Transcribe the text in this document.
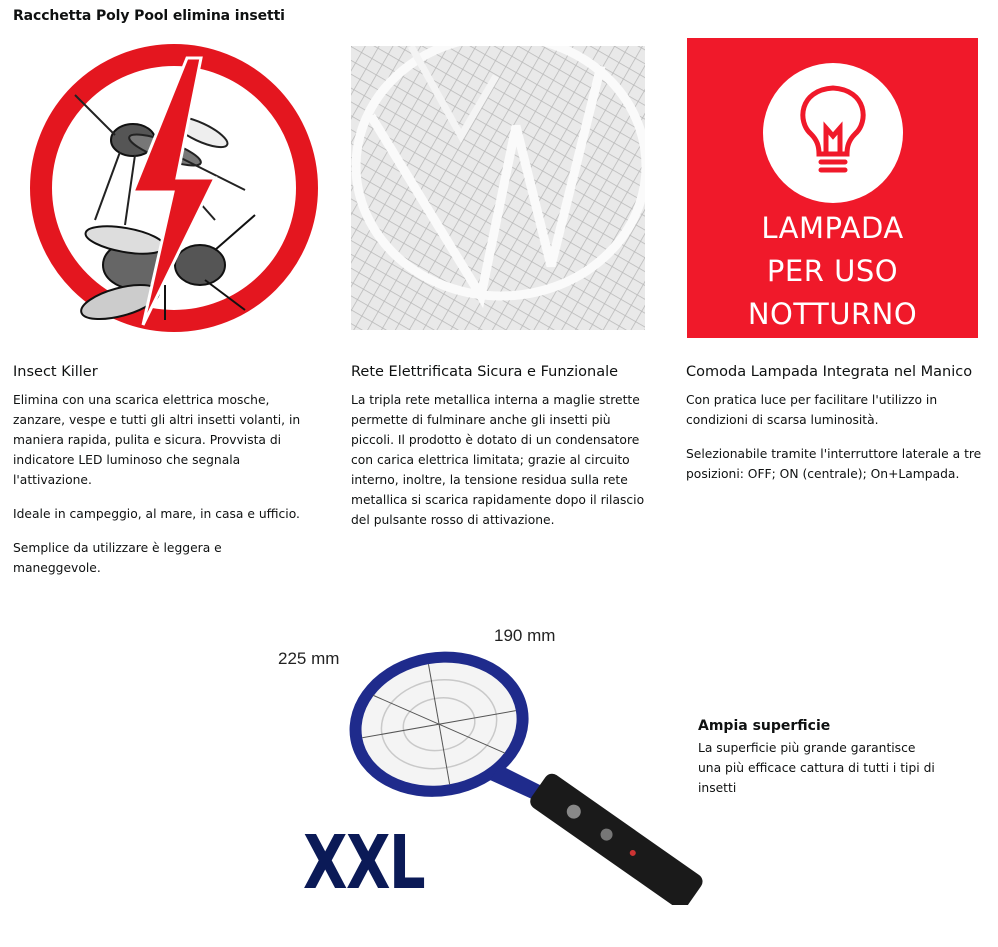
Racchetta Poly Pool elimina insetti
LAMPADA
PER USO
NOTTURNO
Insect Killer

Elimina con una scarica elettrica mosche, zanzare, vespe e tutti gli altri insetti volanti, in maniera rapida, pulita e sicura. Provvista di indicatore LED luminoso che segnala l'attivazione.

Ideale in campeggio, al mare, in casa e ufficio.

Semplice da utilizzare è leggera e maneggevole.

Rete Elettrificata Sicura e Funzionale

La tripla rete metallica interna a maglie strette permette di fulminare anche gli insetti più piccoli. Il prodotto è dotato di un condensatore con carica elettrica limitata; grazie al circuito interno, inoltre, la tensione residua sulla rete metallica si scarica rapidamente dopo il rilascio del pulsante rosso di attivazione.

Comoda Lampada Integrata nel Manico

Con pratica luce per facilitare l'utilizzo in condizioni di scarsa luminosità.

Selezionabile tramite l'interruttore laterale a tre posizioni: OFF; ON (centrale); On+Lampada.

225 mm
190 mm
XXL
Ampia superficie

La superficie più grande garantisce una più efficace cattura di tutti i tipi di insetti
